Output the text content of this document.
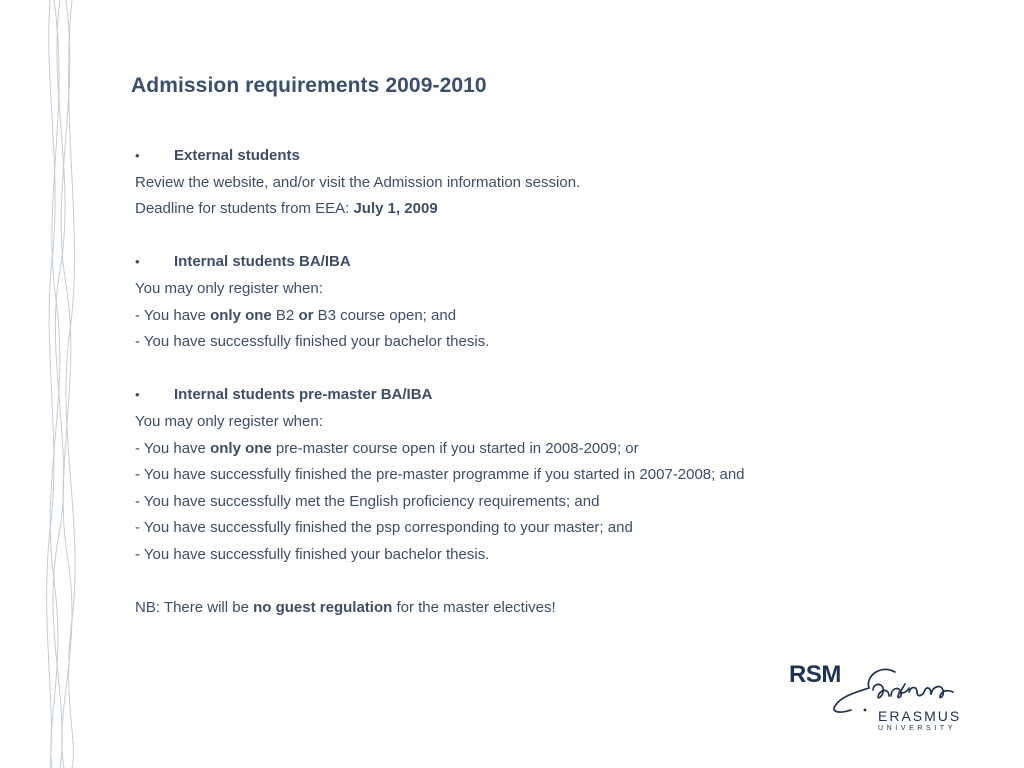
Admission requirements 2009-2010
• External students
Review the website, and/or visit the Admission information session.
Deadline for students from EEA: July 1, 2009
• Internal students BA/IBA
You may only register when:
- You have only one B2 or B3 course open; and
- You have successfully finished your bachelor thesis.
• Internal students pre-master BA/IBA
You may only register when:
- You have only one pre-master course open if you started in 2008-2009; or
- You have successfully finished the pre-master programme if you started in 2007-2008; and
- You have successfully met the English proficiency requirements; and
- You have successfully finished the psp corresponding to your master; and
- You have successfully finished your bachelor thesis.
NB: There will be no guest regulation for the master electives!
RSM
ERASMUS
UNIVERSITY
